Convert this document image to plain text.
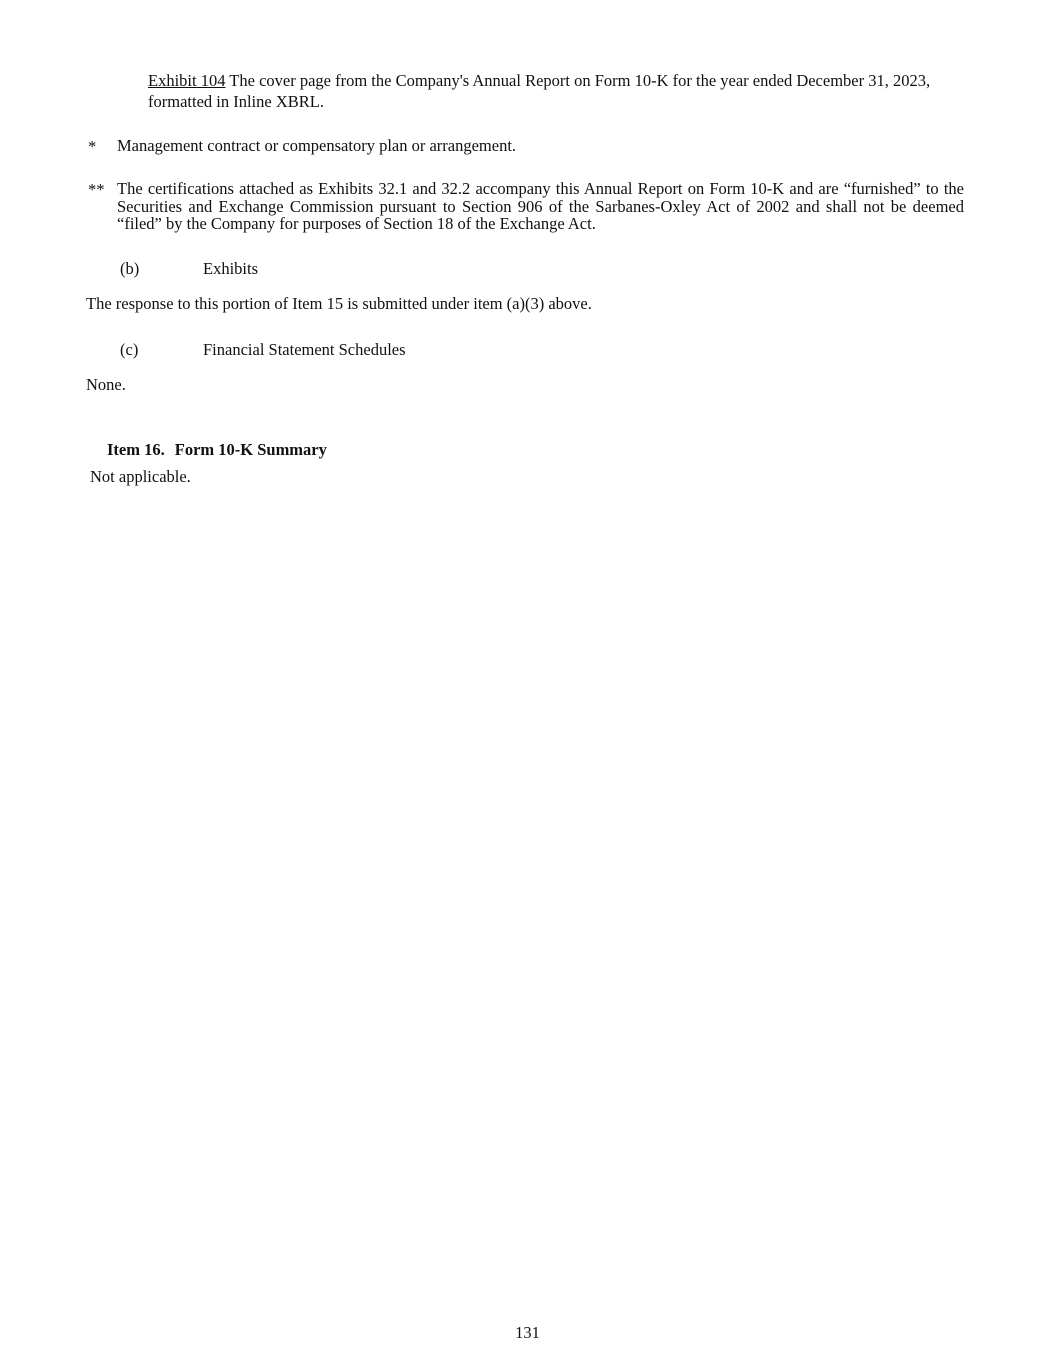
Exhibit 104 The cover page from the Company's Annual Report on Form 10-K for the year ended December 31, 2023, formatted in Inline XBRL.
* Management contract or compensatory plan or arrangement.
** The certifications attached as Exhibits 32.1 and 32.2 accompany this Annual Report on Form 10-K and are “furnished” to the Securities and Exchange Commission pursuant to Section 906 of the Sarbanes-Oxley Act of 2002 and shall not be deemed “filed” by the Company for purposes of Section 18 of the Exchange Act.
(b)	Exhibits
The response to this portion of Item 15 is submitted under item (a)(3) above.
(c)	Financial Statement Schedules
None.
Item 16. Form 10-K Summary
Not applicable.
131
